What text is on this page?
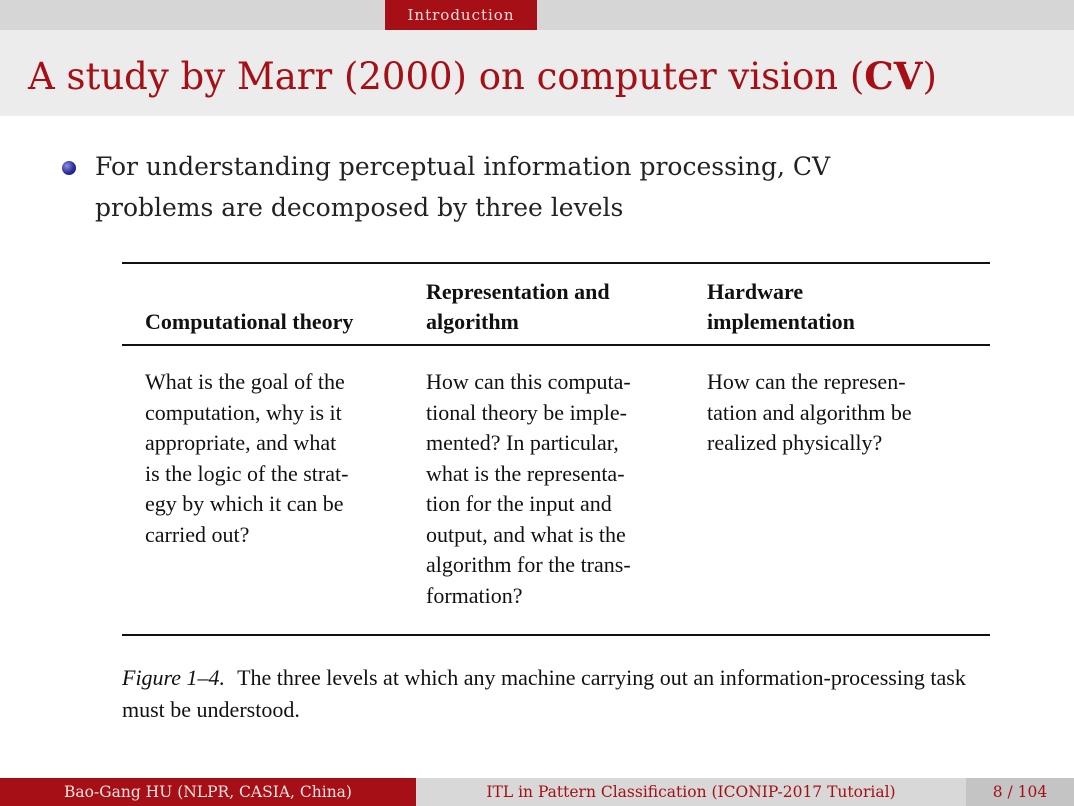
Introduction
A study by Marr (2000) on computer vision (CV)
For understanding perceptual information processing, CV problems are decomposed by three levels
Computational theory
Representation and algorithm
Hardware implementation
What is the goal of the
computation, why is it
appropriate, and what
is the logic of the strat-
egy by which it can be
carried out?
How can this computa-
tional theory be imple-
mented? In particular,
what is the representa-
tion for the input and
output, and what is the
algorithm for the trans-
formation?
How can the represen-
tation and algorithm be
realized physically?
Figure 1–4. The three levels at which any machine carrying out an information-processing task must be understood.
Bao-Gang HU (NLPR, CASIA, China)	ITL in Pattern Classification (ICONIP-2017 Tutorial)	8 / 104
